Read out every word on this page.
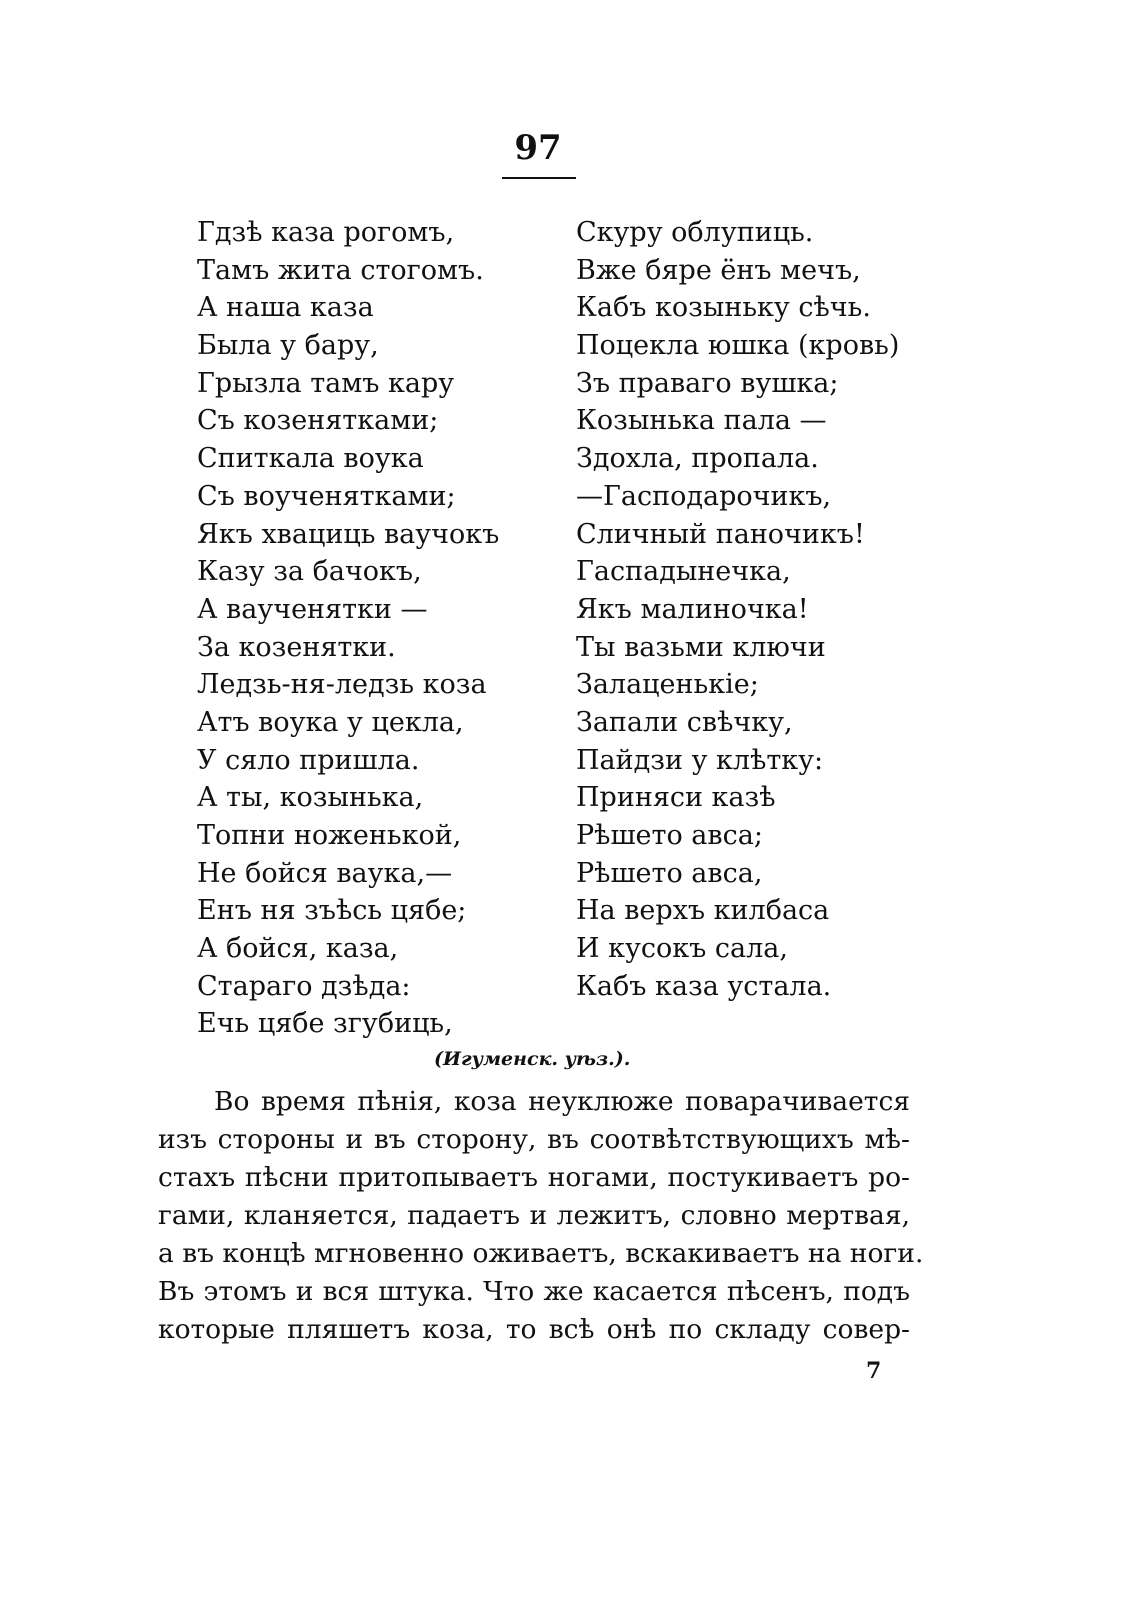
97
Гдзѣ каза рогомъ,
Тамъ жита стогомъ.
А наша каза
Была у бару,
Грызла тамъ кару
Съ козенятками;
Спиткала воука
Съ воученятками;
Якъ хвациць ваучокъ
Казу за бачокъ,
А ваученятки —
За козенятки.
Ледзь-ня-ледзь коза
Атъ воука у цекла,
У сяло пришла.
А ты, козынька,
Топни ноженькой,
Не бойся ваука,—
Енъ ня зъѣсь цябе;
А бойся, каза,
Стараго дзѣда:
Ечь цябе згубиць,
Скуру облупиць.
Вже бяре ёнъ мечъ,
Кабъ козыньку сѣчь.
Поцекла юшка (кровь)
Зъ праваго вушка;
Козынька пала —
Здохла, пропала.
—Гасподарочикъ,
Сличный паночикъ!
Гаспадынечка,
Якъ малиночка!
Ты вазьми ключи
Залаценькіе;
Запали свѣчку,
Пайдзи у клѣтку:
Приняси казѣ
Рѣшето авса;
Рѣшето авса,
На верхъ килбаса
И кусокъ сала,
Кабъ каза устала.
(Игуменск. уѣз.).
Во время пѣнія, коза неуклюже поварачивается
изъ стороны и въ сторону, въ соотвѣтствующихъ мѣ-
стахъ пѣсни притопываетъ ногами, постукиваетъ ро-
гами, кланяется, падаетъ и лежитъ, словно мертвая,
а въ концѣ мгновенно оживаетъ, вскакиваетъ на ноги.
Въ этомъ и вся штука. Что же касается пѣсенъ, подъ
которые пляшетъ коза, то всѣ онѣ по складу совер-
7
